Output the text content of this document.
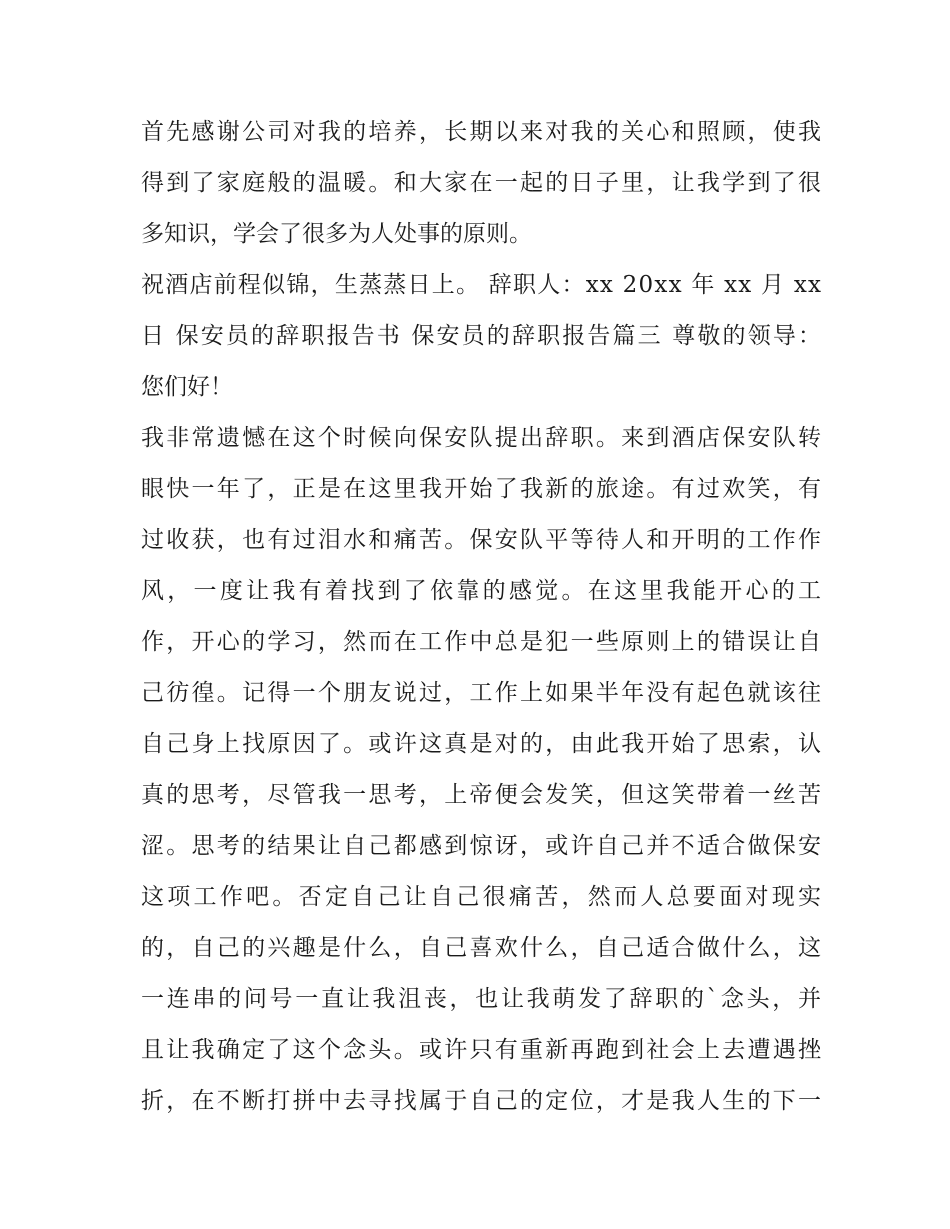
首先感谢公司对我的培养，长期以来对我的关心和照顾，使我
得到了家庭般的温暖。和大家在一起的日子里，让我学到了很
多知识，学会了很多为人处事的原则。
祝酒店前程似锦，生蒸蒸日上。 辞职人：xx 20xx 年 xx 月 xx
日 保安员的辞职报告书 保安员的辞职报告篇三 尊敬的领导：
您们好！
我非常遗憾在这个时候向保安队提出辞职。来到酒店保安队转
眼快一年了，正是在这里我开始了我新的旅途。有过欢笑，有
过收获，也有过泪水和痛苦。保安队平等待人和开明的工作作
风，一度让我有着找到了依靠的感觉。在这里我能开心的工
作，开心的学习，然而在工作中总是犯一些原则上的错误让自
己彷徨。记得一个朋友说过，工作上如果半年没有起色就该往
自己身上找原因了。或许这真是对的，由此我开始了思索，认
真的思考，尽管我一思考，上帝便会发笑，但这笑带着一丝苦
涩。思考的结果让自己都感到惊讶，或许自己并不适合做保安
这项工作吧。否定自己让自己很痛苦，然而人总要面对现实
的，自己的兴趣是什么，自己喜欢什么，自己适合做什么，这
一连串的问号一直让我沮丧，也让我萌发了辞职的`念头，并
且让我确定了这个念头。或许只有重新再跑到社会上去遭遇挫
折，在不断打拼中去寻找属于自己的定位，才是我人生的下一
